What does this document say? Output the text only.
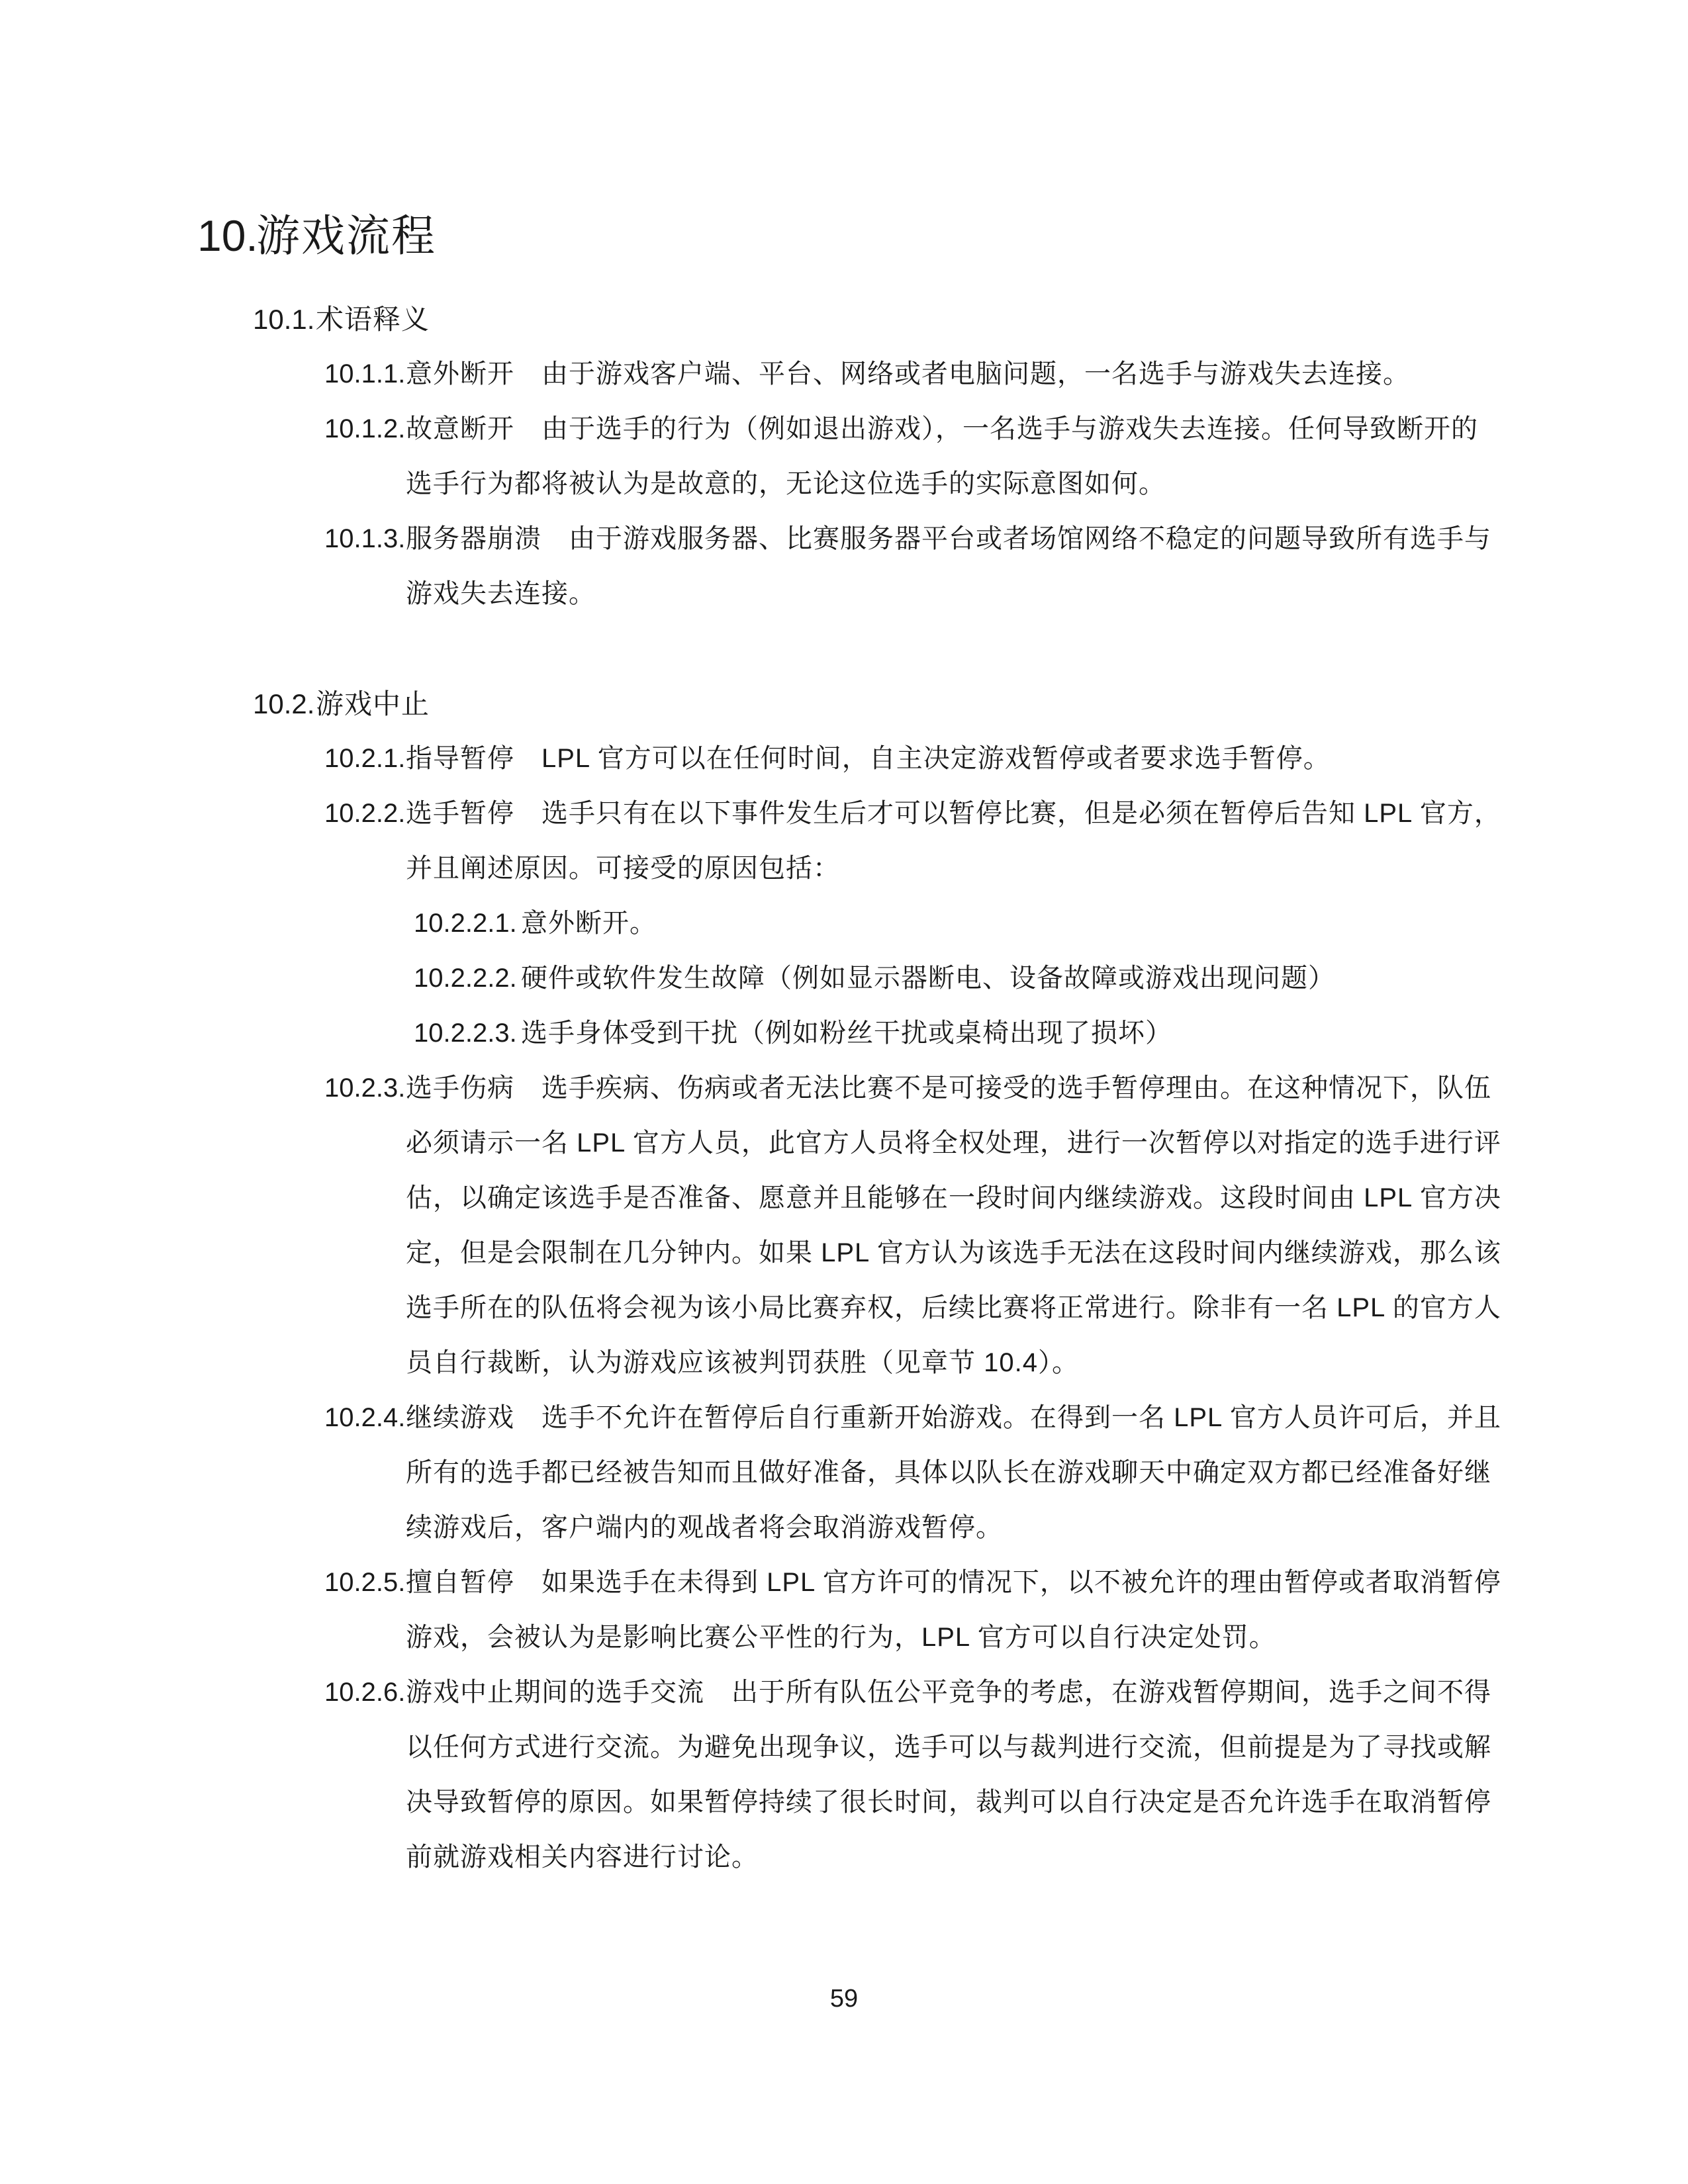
10.
游戏流程
10.1. 术语释义
10.1.1. 意外断开　由于游戏客户端、平台、网络或者电脑问题，一名选手与游戏失去连接。
10.1.2. 故意断开　由于选手的行为（例如退出游戏），一名选手与游戏失去连接。任何导致断开的选手行为都将被认为是故意的，无论这位选手的实际意图如何。
10.1.3. 服务器崩溃　由于游戏服务器、比赛服务器平台或者场馆网络不稳定的问题导致所有选手与游戏失去连接。
10.2. 游戏中止
10.2.1. 指导暂停　LPL 官方可以在任何时间，自主决定游戏暂停或者要求选手暂停。
10.2.2. 选手暂停　选手只有在以下事件发生后才可以暂停比赛，但是必须在暂停后告知 LPL 官方，并且阐述原因。可接受的原因包括：
10.2.2.1. 意外断开。
10.2.2.2. 硬件或软件发生故障（例如显示器断电、设备故障或游戏出现问题）
10.2.2.3. 选手身体受到干扰（例如粉丝干扰或桌椅出现了损坏）
10.2.3. 选手伤病　选手疾病、伤病或者无法比赛不是可接受的选手暂停理由。在这种情况下，队伍必须请示一名 LPL 官方人员，此官方人员将全权处理，进行一次暂停以对指定的选手进行评估，以确定该选手是否准备、愿意并且能够在一段时间内继续游戏。这段时间由 LPL 官方决定，但是会限制在几分钟内。如果 LPL 官方认为该选手无法在这段时间内继续游戏，那么该选手所在的队伍将会视为该小局比赛弃权，后续比赛将正常进行。除非有一名 LPL 的官方人员自行裁断，认为游戏应该被判罚获胜（见章节 10.4）。
10.2.4. 继续游戏　选手不允许在暂停后自行重新开始游戏。在得到一名 LPL 官方人员许可后，并且所有的选手都已经被告知而且做好准备，具体以队长在游戏聊天中确定双方都已经准备好继续游戏后，客户端内的观战者将会取消游戏暂停。
10.2.5. 擅自暂停　如果选手在未得到 LPL 官方许可的情况下，以不被允许的理由暂停或者取消暂停游戏，会被认为是影响比赛公平性的行为，LPL 官方可以自行决定处罚。
10.2.6. 游戏中止期间的选手交流　出于所有队伍公平竞争的考虑，在游戏暂停期间，选手之间不得以任何方式进行交流。为避免出现争议，选手可以与裁判进行交流，但前提是为了寻找或解决导致暂停的原因。如果暂停持续了很长时间，裁判可以自行决定是否允许选手在取消暂停前就游戏相关内容进行讨论。
59
